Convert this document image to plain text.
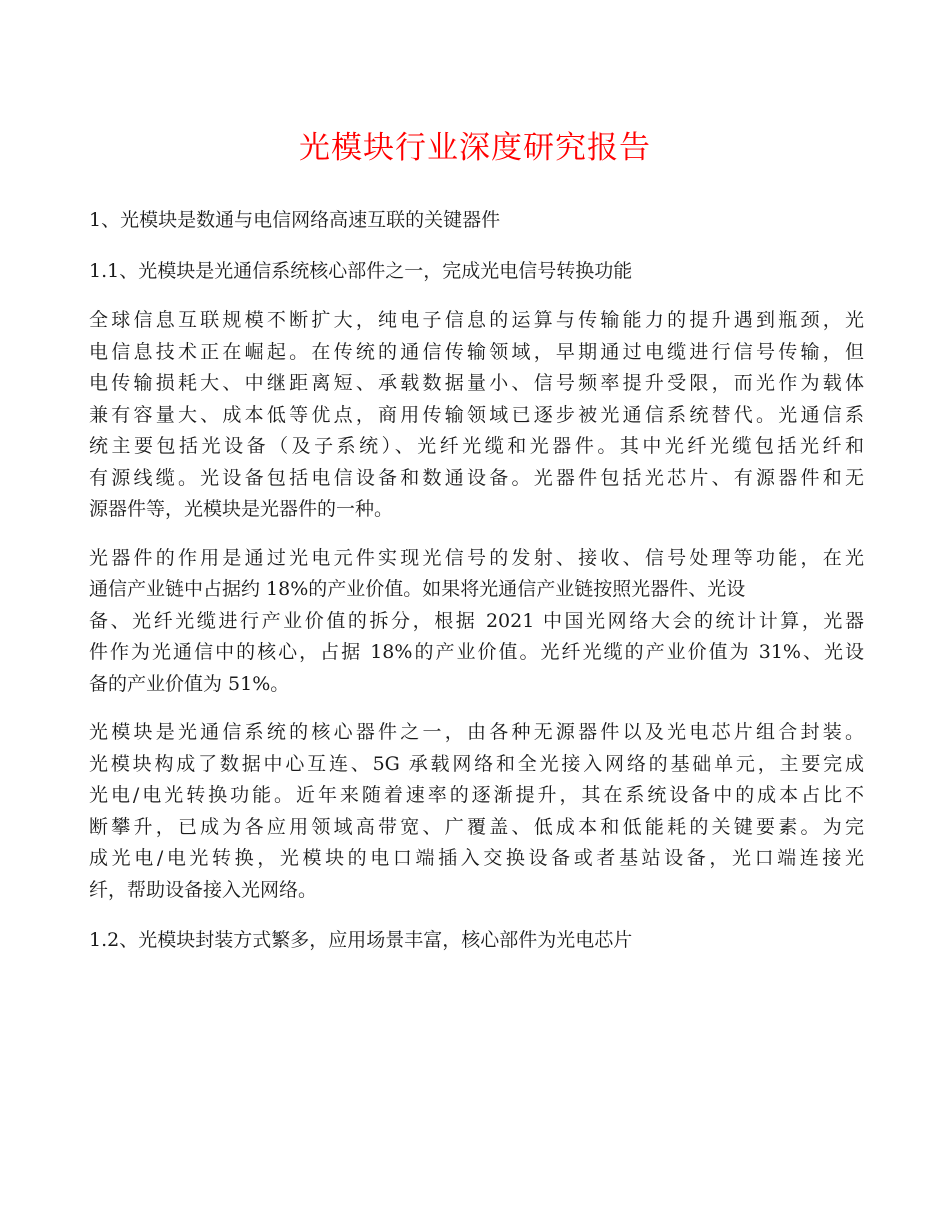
光模块行业深度研究报告
1、光模块是数通与电信网络高速互联的关键器件
1.1、光模块是光通信系统核心部件之一，完成光电信号转换功能
全球信息互联规模不断扩大，纯电子信息的运算与传输能力的提升遇到瓶颈，光
电信息技术正在崛起。在传统的通信传输领域，早期通过电缆进行信号传输，但
电传输损耗大、中继距离短、承载数据量小、信号频率提升受限，而光作为载体
兼有容量大、成本低等优点，商用传输领域已逐步被光通信系统替代。光通信系
统主要包括光设备（及子系统）、光纤光缆和光器件。其中光纤光缆包括光纤和
有源线缆。光设备包括电信设备和数通设备。光器件包括光芯片、有源器件和无
源器件等，光模块是光器件的一种。
光器件的作用是通过光电元件实现光信号的发射、接收、信号处理等功能，在光
通信产业链中占据约 18%的产业价值。如果将光通信产业链按照光器件、光设
备、光纤光缆进行产业价值的拆分，根据 2021 中国光网络大会的统计计算，光器
件作为光通信中的核心，占据 18%的产业价值。光纤光缆的产业价值为 31%、光设
备的产业价值为 51%。
光模块是光通信系统的核心器件之一，由各种无源器件以及光电芯片组合封装。
光模块构成了数据中心互连、5G 承载网络和全光接入网络的基础单元，主要完成
光电/电光转换功能。近年来随着速率的逐渐提升，其在系统设备中的成本占比不
断攀升，已成为各应用领域高带宽、广覆盖、低成本和低能耗的关键要素。为完
成光电/电光转换，光模块的电口端插入交换设备或者基站设备，光口端连接光
纤，帮助设备接入光网络。
1.2、光模块封装方式繁多，应用场景丰富，核心部件为光电芯片
